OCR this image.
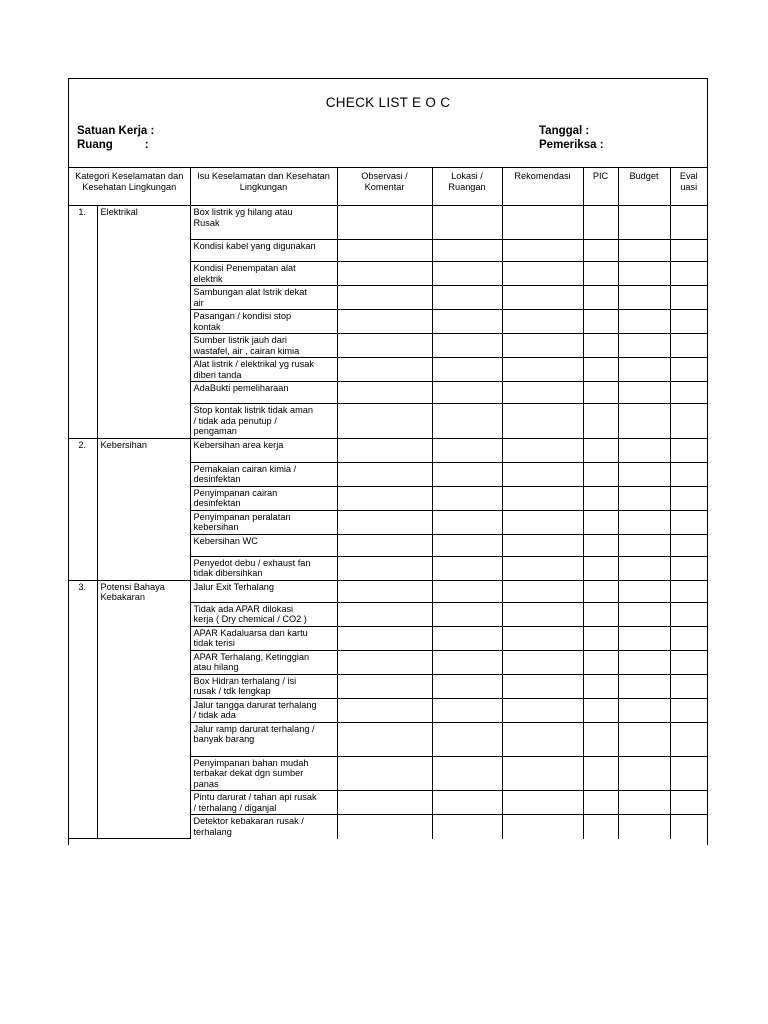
CHECK LIST E O C
Satuan Kerja :
Ruang          :
Tanggal :
Pemeriksa :
Kategori Keselamatan dan Kesehatan Lingkungan		Isu Keselamatan dan Kesehatan Lingkungan	Observasi / Komentar	Lokasi / Ruangan	Rekomendasi	PIC	Budget	Eval uasi
1.	Elektrikal	Box listrik yg hilang atau
Rusak						
		Kondisi kabel yang digunakan						
		Kondisi Penempatan alat
elektrik						
		Sambungan alat lstrik dekat
air						
		Pasangan / kondisi stop
kontak						
		Sumber listrik jauh dari
wastafel, air , cairan kimia						
		Alat listrik / elektrikal yg rusak
diberi tanda						
		AdaBukti pemeliharaan						
		Stop kontak listrik tidak aman
/ tidak ada penutup /
pengaman						
2.	Kebersihan	Kebersihan area kerja						
		Pemakaian cairan kimia /
desinfektan						
		Penyimpanan cairan
desinfektan						
		Penyimpanan peralatan
kebersihan						
		Kebersihan WC						
		Penyedot debu / exhaust fan
tidak dibersihkan						
3.	Potensi Bahaya Kebakaran	Jalur Exit Terhalang						
		Tidak ada APAR dilokasi
kerja ( Dry chemical / CO2 )						
		APAR Kadaluarsa dan kartu
tidak terisi						
		APAR Terhalang, Ketinggian
atau hilang						
		Box Hidran terhalang / isi
rusak / tdk lengkap						
		Jalur tangga darurat terhalang
/ tidak ada						
		Jalur ramp darurat terhalang /
banyak barang						
		Penyimpanan bahan mudah
terbakar dekat dgn sumber
panas						
		Pintu darurat / tahan api rusak
/ terhalang / diganjal						
		Detektor kebakaran rusak /
terhalang						
